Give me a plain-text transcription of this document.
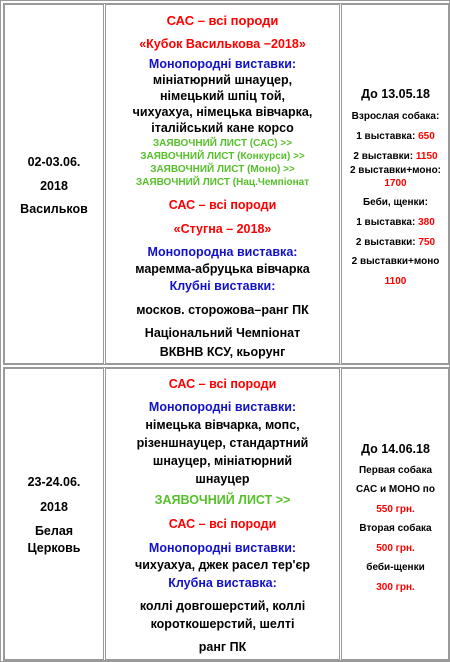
02-03.06.
2018
Васильков
САС – всі породи
«Кубок Василькова −2018»
Монопородні виставки:
мініатюрний шнауцер,
німецький шпіц той,
чихуахуа, німецька вівчарка,
італійський кане корсо
ЗАЯВОЧНИЙ ЛИСТ (САС) >>
ЗАЯВОЧНИЙ ЛИСТ (Конкурси) >>
ЗАЯВОЧНИЙ ЛИСТ (Моно) >>
ЗАЯВОЧНИЙ ЛИСТ (Нац.Чемпіонат
САС – всі породи
«Стугна – 2018»
Монопородна виставка:
маремма-абруцька вівчарка
Клубні виставки:
москов. сторожова–ранг ПК
Національний Чемпіонат
ВКВНВ КСУ, кьорунг
До 13.05.18
Взрослая собака:
1 выставка: 650
2 выставки: 1150
2 выставки+моно:
1700
Беби, щенки:
1 выставка: 380
2 выставки: 750
2 выставки+моно
1100
23-24.06.
2018
Белая
Церковь
САС – всі породи
Монопородні виставки:
німецька вівчарка, мопс,
різеншнауцер, стандартний
шнауцер, мініатюрний
шнауцер
ЗАЯВОЧНИЙ ЛИСТ >>
САС – всі породи
Монопородні виставки:
чихуахуа, джек расел тер'єр
Клубна виставка:
коллі довгошерстий, коллі
короткошерстий, шелті
ранг ПК
До 14.06.18
Первая собака
САС и МОНО по
550 грн.
Вторая собака
500 грн.
беби-щенки
300 грн.
